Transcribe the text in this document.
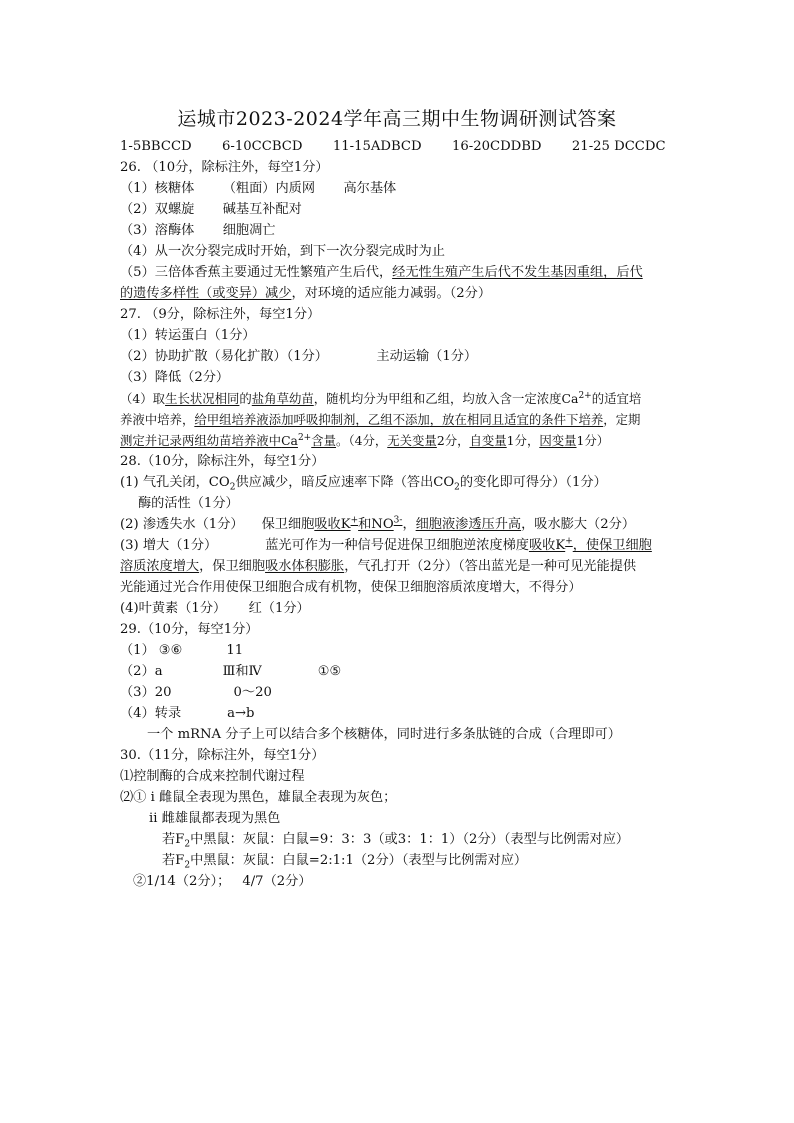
运城市2023-2024学年高三期中生物调研测试答案
1-5BBCCD 6-10CCBCD 11-15ADBCD 16-20CDDBD 21-25 DCCDC
26. （10分，除标注外，每空1分）
（1）核糖体 （粗面）内质网 高尔基体
（2）双螺旋 碱基互补配对
（3）溶酶体 细胞凋亡
（4）从一次分裂完成时开始，到下一次分裂完成时为止
（5）三倍体香蕉主要通过无性繁殖产生后代，经无性生殖产生后代不发生基因重组，后代
的遗传多样性（或变异）减少，对环境的适应能力减弱。（2分）
27. （9分，除标注外，每空1分）
（1）转运蛋白（1分）
（2）协助扩散（易化扩散）（1分）	主动运输（1分）
（3）降低（2分）
（4）取生长状况相同的盐角草幼苗，随机均分为甲组和乙组，均放入含一定浓度$Ca^{2+}$的适宜培
养液中培养，给甲组培养液添加呼吸抑制剂，乙组不添加，放在相同且适宜的条件下培养，定期
测定并记录两组幼苗培养液中$Ca^{2+}$含量。（4分，无关变量2分，自变量1分，因变量1分）
28.（10分，除标注外，每空1分）
(1) 气孔关闭，$CO_2$供应减少，暗反应速率下降（答出$CO_2$的变化即可得分）（1分）
酶的活性（1分）
(2) 渗透失水（1分） 保卫细胞吸收K+和$NO^{3-}$，细胞液渗透压升高，吸水膨大（2分）
(3) 增大（1分）	蓝光可作为一种信号促进保卫细胞逆浓度梯度吸收K+，使保卫细胞
溶质浓度增大，保卫细胞吸水体积膨胀，气孔打开（2分）（答出蓝光是一种可见光能提供
光能通过光合作用使保卫细胞合成有机物，使保卫细胞溶质浓度增大，不得分）
(4)叶黄素（1分） 红（1分）
29.（10分，每空1分）
（1） ③⑥	11
（2）a	Ⅲ和Ⅳ	①⑤
（3）20	0～20
（4）转录	a→b
一个 mRNA 分子上可以结合多个核糖体，同时进行多条肽链的合成（合理即可）
30.（11分，除标注外，每空1分）
⑴控制酶的合成来控制代谢过程
⑵① i 雌鼠全表现为黑色，雄鼠全表现为灰色；
ii 雌雄鼠都表现为黑色
若$F_2$中黑鼠：灰鼠：白鼠=9：3：3（或3：1：1）（2分）（表型与比例需对应）
若$F_2$中黑鼠：灰鼠：白鼠=2:1:1（2分）（表型与比例需对应）
②1/14（2分）； 4/7（2分）
